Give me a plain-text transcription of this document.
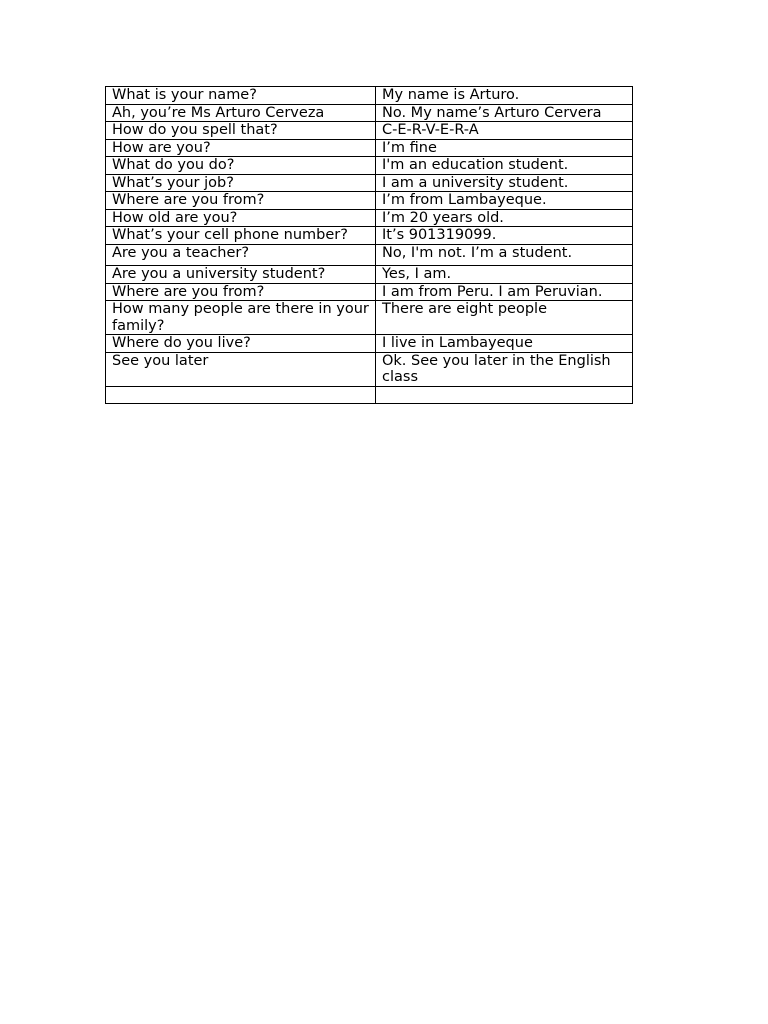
What is your name?	My name is Arturo.
Ah, you’re Ms Arturo Cerveza	No. My name’s Arturo Cervera
How do you spell that?	C-E-R-V-E-R-A
How are you?	I’m fine
What do you do?	I'm an education student.
What’s your job?	I am a university student.
Where are you from?	I’m from Lambayeque.
How old are you?	I’m 20 years old.
What’s your cell phone number?	It’s 901319099.
Are you a teacher?	No, I'm not. I’m a student.
Are you a university student?	Yes, I am.
Where are you from?	I am from Peru. I am Peruvian.
How many people are there in your family?	There are eight people
Where do you live?	I live in Lambayeque
See you later	Ok. See you later in the English class
